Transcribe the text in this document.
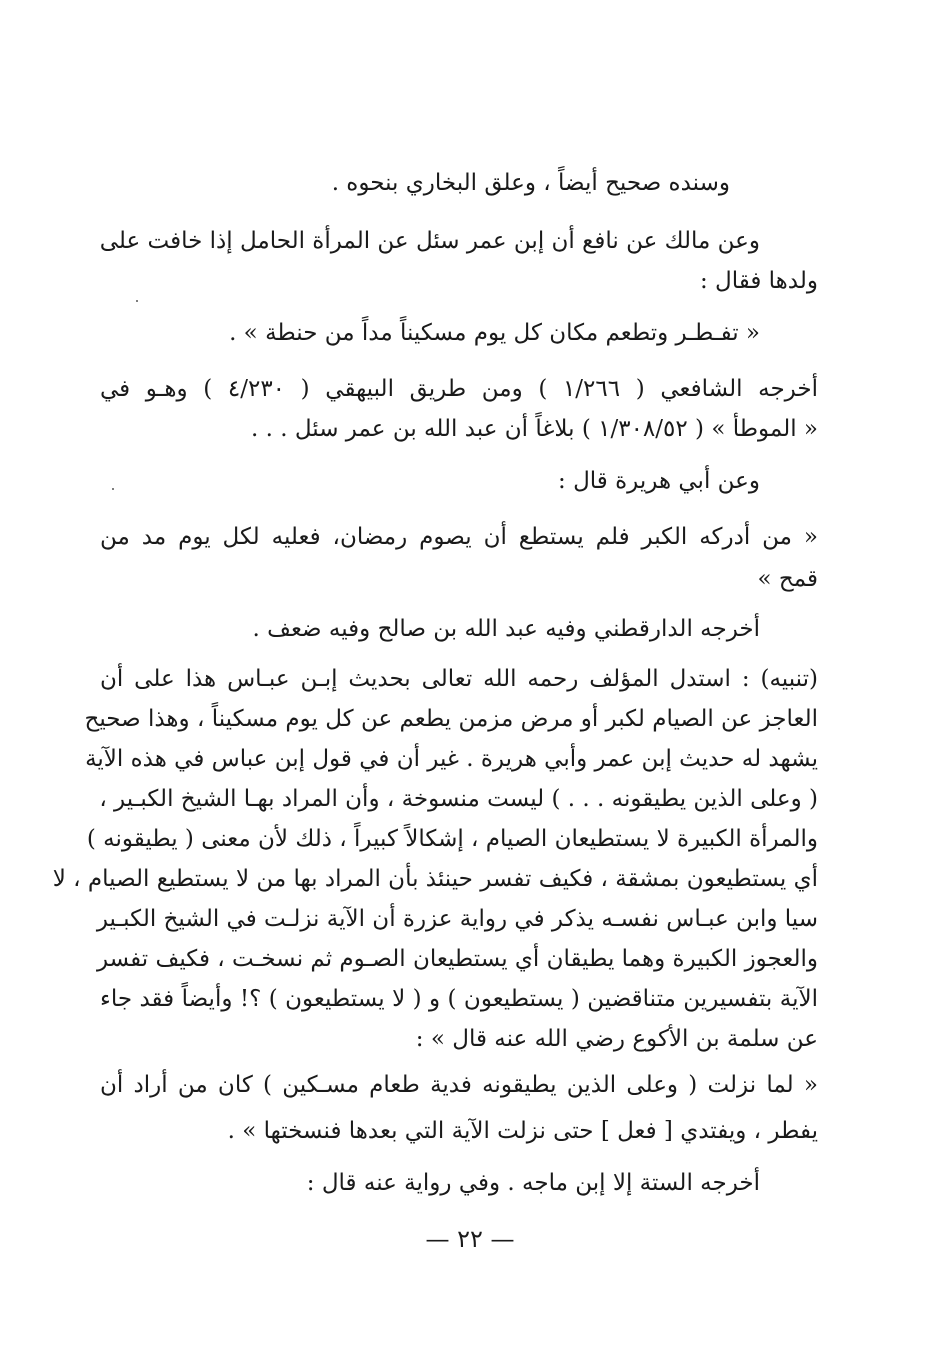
وسنده صحيح أيضاً ، وعلق البخاري بنحوه .
وعن مالك عن نافع أن إبن عمر سئل عن المرأة الحامل إذا خافت على
ولدها فقال :
« تفـطـر وتطعم مكان كل يوم مسكيناً مداً من حنطة » .
أخرجه الشافعي ( ١/٢٦٦ ) ومن طريق البيهقي ( ٤/٢٣٠ ) وهـو في
« الموطأ » ( ١/٣٠٨/٥٢ ) بلاغاً أن عبد الله بن عمر سئل . . .
وعن أبي هريرة قال :
« من أدركه الكبر فلم يستطع أن يصوم رمضان، فعليه لكل يوم مد من
قمح »
أخرجه الدارقطني وفيه عبد الله بن صالح وفيه ضعف .
(تنبيه) : استدل المؤلف رحمه الله تعالى بحديث إبـن عبـاس هذا على أن
العاجز عن الصيام لكبر أو مرض مزمن يطعم عن كل يوم مسكيناً ، وهذا صحيح
يشهد له حديث إبن عمر وأبي هريرة . غير أن في قول إبن عباس في هذه الآية
( وعلى الذين يطيقونه . . . ) ليست منسوخة ، وأن المراد بهـا الشيخ الكبـير ،
والمرأة الكبيرة لا يستطيعان الصيام ، إشكالاً كبيراً ، ذلك لأن معنى ( يطيقونه )
أي يستطيعون بمشقة ، فكيف تفسر حينئذ بأن المراد بها من لا يستطيع الصيام ، لا
سيا وابن عبـاس نفسـه يذكر في رواية عزرة أن الآية نزلـت في الشيخ الكبـير
والعجوز الكبيرة وهما يطيقان أي يستطيعان الصـوم ثم نسخـت ، فكيف تفسر
الآية بتفسيرين متناقضين ( يستطيعون ) و ( لا يستطيعون ) ؟! وأيضاً فقد جاء
عن سلمة بن الأكوع رضي الله عنه قال » :
« لما نزلت ( وعلى الذين يطيقونه فدية طعام مسـكين ) كان من أراد أن
يفطر ، ويفتدي [ فعل ] حتى نزلت الآية التي بعدها فنسختها » .
أخرجه الستة إلا إبن ماجه . وفي رواية عنه قال :
— ٢٢ —
